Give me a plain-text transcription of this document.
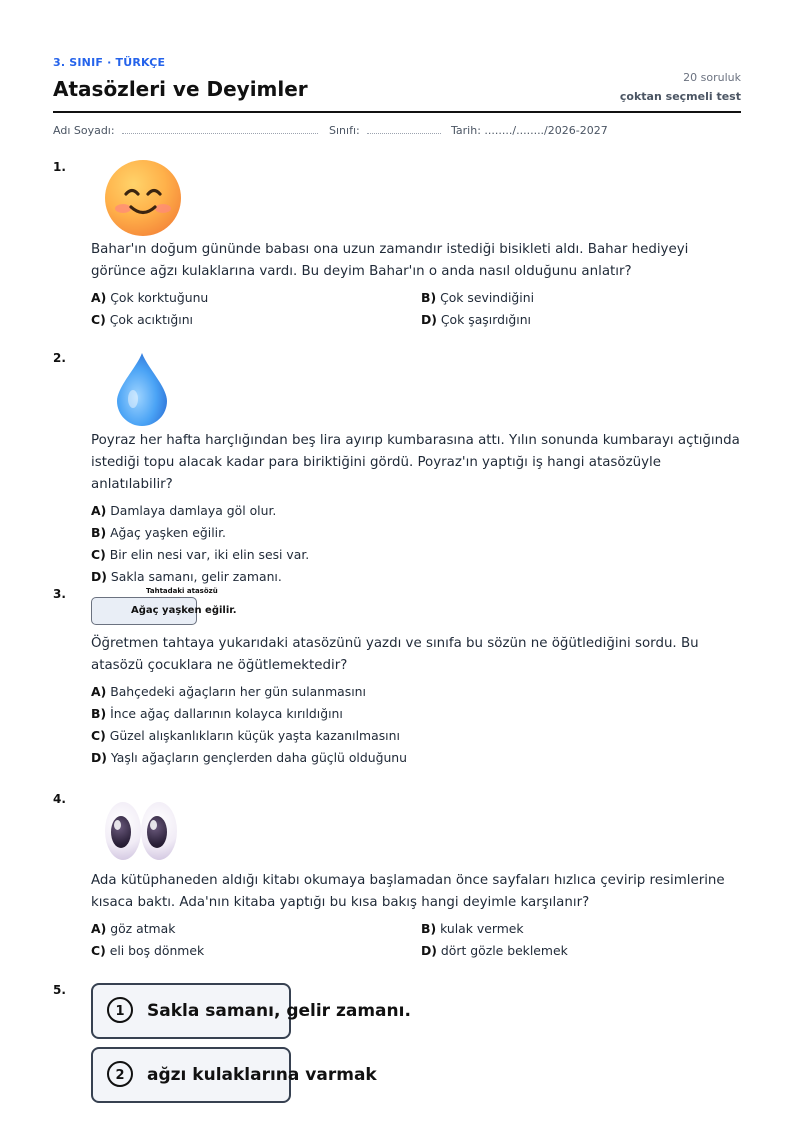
3. SINIF · TÜRKÇE
Atasözleri ve Deyimler	20 soruluk
çoktan seçmeli test
Adı Soyadı:	Sınıfı:	Tarih: ......../......../2026-2027
1.

Bahar'ın doğum gününde babası ona uzun zamandır istediği bisikleti aldı. Bahar hediyeyi görünce ağzı kulaklarına vardı. Bu deyim Bahar'ın o anda nasıl olduğunu anlatır?

A) Çok korktuğunu	B) Çok sevindiğini
C) Çok acıktığını	D) Çok şaşırdığını
2.

Poyraz her hafta harçlığından beş lira ayırıp kumbarasına attı. Yılın sonunda kumbarayı açtığında istediği topu alacak kadar para biriktiğini gördü. Poyraz'ın yaptığı iş hangi atasözüyle anlatılabilir?

A) Damlaya damlaya göl olur.
B) Ağaç yaşken eğilir.
C) Bir elin nesi var, iki elin sesi var.
D) Sakla samanı, gelir zamanı.
3.	Tahtadaki atasözü
Ağaç yaşken eğilir.

Öğretmen tahtaya yukarıdaki atasözünü yazdı ve sınıfa bu sözün ne öğütlediğini sordu. Bu atasözü çocuklara ne öğütlemektedir?

A) Bahçedeki ağaçların her gün sulanmasını
B) İnce ağaç dallarının kolayca kırıldığını
C) Güzel alışkanlıkların küçük yaşta kazanılmasını
D) Yaşlı ağaçların gençlerden daha güçlü olduğunu
4.

Ada kütüphaneden aldığı kitabı okumaya başlamadan önce sayfaları hızlıca çevirip resimlerine kısaca baktı. Ada'nın kitaba yaptığı bu kısa bakış hangi deyimle karşılanır?

A) göz atmak	B) kulak vermek
C) eli boş dönmek	D) dört gözle beklemek
5.
1	Sakla samanı, gelir zamanı.
2	ağzı kulaklarına varmak
